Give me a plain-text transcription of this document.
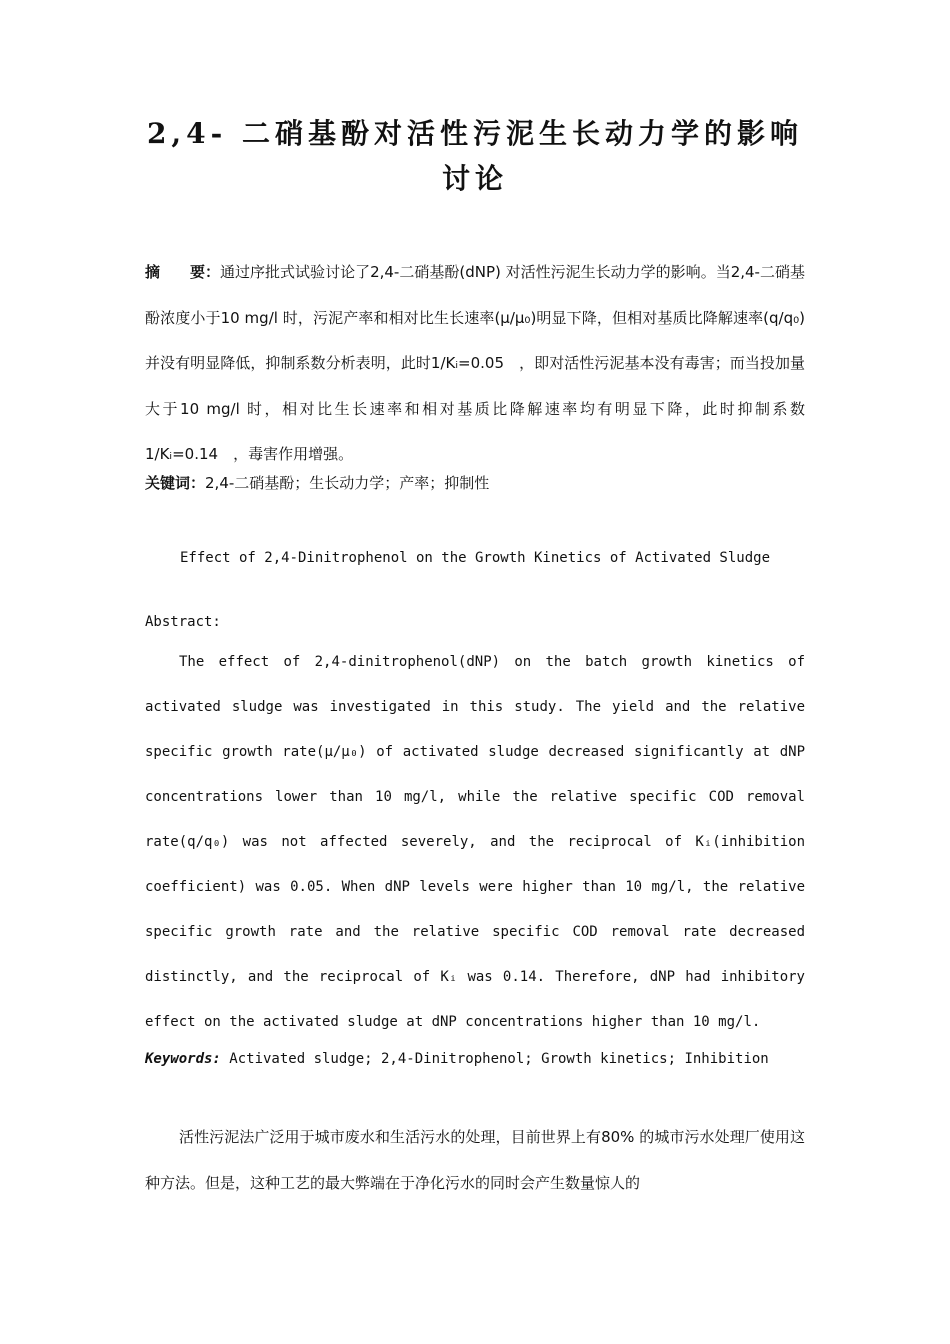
2,4- 二硝基酚对活性污泥生长动力学的影响
讨论

摘　　要：通过序批式试验讨论了2,4-二硝基酚(dNP) 对活性污泥生长动力学的影响。当2,4-二硝基酚浓度小于10 mg/l 时，污泥产率和相对比生长速率(μ/μ₀)明显下降，但相对基质比降解速率(q/q₀) 并没有明显降低，抑制系数分析表明，此时1/Kᵢ=0.05　，即对活性污泥基本没有毒害；而当投加量大于10 mg/l 时，相对比生长速率和相对基质比降解速率均有明显下降，此时抑制系数1/Kᵢ=0.14　，毒害作用增强。

关键词：2,4-二硝基酚；生长动力学；产率；抑制性

Effect of 2,4-Dinitrophenol on the Growth Kinetics of Activated Sludge

Abstract:

The effect of 2,4-dinitrophenol(dNP) on the batch growth kinetics of activated sludge was investigated in this study. The yield and the relative specific growth rate(μ/μ₀) of activated sludge decreased significantly at dNP concentrations lower than 10 mg/l, while the relative specific COD removal rate(q/q₀) was not affected severely, and the reciprocal of Kᵢ(inhibition coefficient) was 0.05. When dNP levels were higher than 10 mg/l, the relative specific growth rate and the relative specific COD removal rate decreased distinctly, and the reciprocal of Kᵢ was 0.14. Therefore, dNP had inhibitory effect on the activated sludge at dNP concentrations higher than 10 mg/l.

Keywords: Activated sludge; 2,4-Dinitrophenol; Growth kinetics; Inhibition

活性污泥法广泛用于城市废水和生活污水的处理，目前世界上有80% 的城市污水处理厂使用这种方法。但是，这种工艺的最大弊端在于净化污水的同时会产生数量惊人的
